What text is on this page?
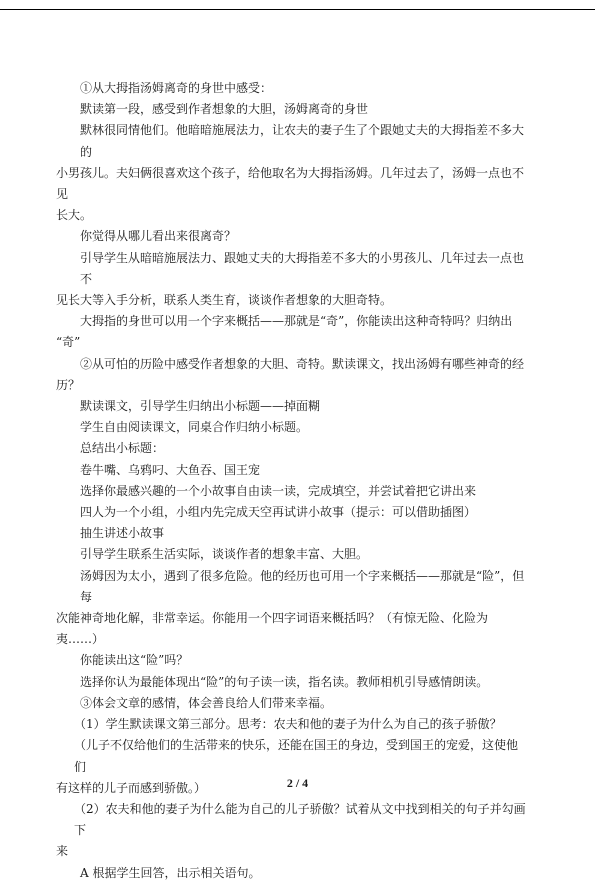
①从大拇指汤姆离奇的身世中感受：

默读第一段，感受到作者想象的大胆，汤姆离奇的身世

默林很同情他们。他暗暗施展法力，让农夫的妻子生了个跟她丈夫的大拇指差不多大的

小男孩儿。夫妇俩很喜欢这个孩子，给他取名为大拇指汤姆。几年过去了，汤姆一点也不见

长大。

你觉得从哪儿看出来很离奇？

引导学生从暗暗施展法力、跟她丈夫的大拇指差不多大的小男孩儿、几年过去一点也不

见长大等入手分析，联系人类生育，谈谈作者想象的大胆奇特。

大拇指的身世可以用一个字来概括——那就是“奇”，你能读出这种奇特吗？归纳出

“奇”

②从可怕的历险中感受作者想象的大胆、奇特。默读课文，找出汤姆有哪些神奇的经

历？

默读课文，引导学生归纳出小标题——掉面糊

学生自由阅读课文，同桌合作归纳小标题。

总结出小标题：

卷牛嘴、乌鸦叼、大鱼吞、国王宠

选择你最感兴趣的一个小故事自由读一读，完成填空，并尝试着把它讲出来

四人为一个小组，小组内先完成天空再试讲小故事（提示：可以借助插图）

抽生讲述小故事

引导学生联系生活实际，谈谈作者的想象丰富、大胆。

汤姆因为太小，遇到了很多危险。他的经历也可用一个字来概括——那就是“险”，但每

次能神奇地化解，非常幸运。你能用一个四字词语来概括吗？（有惊无险、化险为夷……）

你能读出这“险”吗？

选择你认为最能体现出“险”的句子读一读，指名读。教师相机引导感情朗读。

③体会文章的感情，体会善良给人们带来幸福。

（1）学生默读课文第三部分。思考：农夫和他的妻子为什么为自己的孩子骄傲？

（儿子不仅给他们的生活带来的快乐，还能在国王的身边，受到国王的宠爱，这使他们

有这样的儿子而感到骄傲。）

（2）农夫和他的妻子为什么能为自己的儿子骄傲？试着从文中找到相关的句子并勾画下

来

A 根据学生回答，出示相关语句。

2 / 4
